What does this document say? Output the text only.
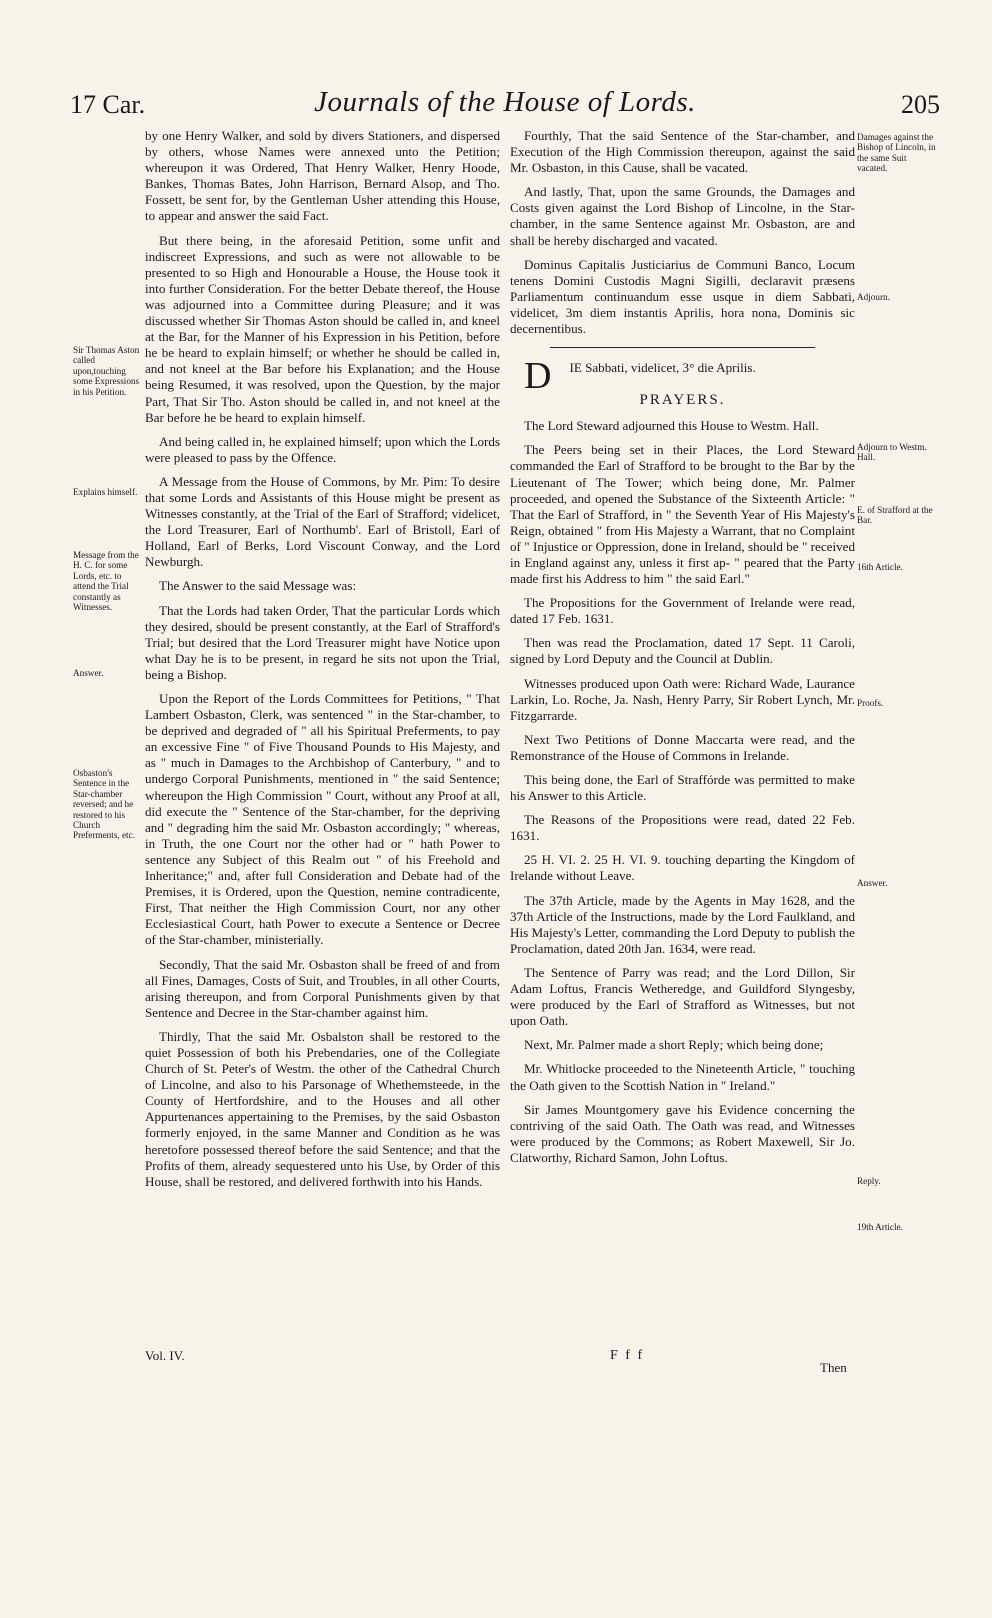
17 Car.	Journals of the House of Lords.	205
Sir Thomas Aston called upon,touching some Expressions in his Petition.
Explains himself.
Message from the H. C. for some Lords, etc. to attend the Trial constantly as Witnesses.
Answer.
Osbaston's Sentence in the Star-chamber reversed; and he restored to his Church Preferments, etc.
Damages against the Bishop of Lincoln, in the same Suit vacated.
Adjourn.
Adjourn to Westm. Hall.
E. of Strafford at the Bar.
16th Article.
Proofs.
Answer.
Reply.
19th Article.

by one Henry Walker, and sold by divers Stationers, and dispersed by others, whose Names were annexed unto the Petition; whereupon it was Ordered, That Henry Walker, Henry Hoode, Bankes, Thomas Bates, John Harrison, Bernard Alsop, and Tho. Fossett, be sent for, by the Gentleman Usher attending this House, to appear and answer the said Fact.

But there being, in the aforesaid Petition, some unfit and indiscreet Expressions, and such as were not allowable to be presented to so High and Honourable a House, the House took it into further Consideration. For the better Debate thereof, the House was adjourned into a Committee during Pleasure; and it was discussed whether Sir Thomas Aston should be called in, and kneel at the Bar, for the Manner of his Expression in his Petition, before he be heard to explain himself; or whether he should be called in, and not kneel at the Bar before his Explanation; and the House being Resumed, it was resolved, upon the Question, by the major Part, That Sir Tho. Aston should be called in, and not kneel at the Bar before he be heard to explain himself.

And being called in, he explained himself; upon which the Lords were pleased to pass by the Offence.

A Message from the House of Commons, by Mr. Pim: To desire that some Lords and Assistants of this House might be present as Witnesses constantly, at the Trial of the Earl of Strafford; videlicet, the Lord Treasurer, Earl of Northumb'. Earl of Bristoll, Earl of Holland, Earl of Berks, Lord Viscount Conway, and the Lord Newburgh.

The Answer to the said Message was:

That the Lords had taken Order, That the particular Lords which they desired, should be present constantly, at the Earl of Strafford's Trial; but desired that the Lord Treasurer might have Notice upon what Day he is to be present, in regard he sits not upon the Trial, being a Bishop.

Upon the Report of the Lords Committees for Petitions, " That Lambert Osbaston, Clerk, was sentenced " in the Star-chamber, to be deprived and degraded of " all his Spiritual Preferments, to pay an excessive Fine " of Five Thousand Pounds to His Majesty, and as " much in Damages to the Archbishop of Canterbury, " and to undergo Corporal Punishments, mentioned in " the said Sentence; whereupon the High Commission " Court, without any Proof at all, did execute the " Sentence of the Star-chamber, for the depriving and " degrading him the said Mr. Osbaston accordingly; " whereas, in Truth, the one Court nor the other had or " hath Power to sentence any Subject of this Realm out " of his Freehold and Inheritance;" and, after full Consideration and Debate had of the Premises, it is Ordered, upon the Question, nemine contradicente, First, That neither the High Commission Court, nor any other Ecclesiastical Court, hath Power to execute a Sentence or Decree of the Star-chamber, ministerially.

Secondly, That the said Mr. Osbaston shall be freed of and from all Fines, Damages, Costs of Suit, and Troubles, in all other Courts, arising thereupon, and from Corporal Punishments given by that Sentence and Decree in the Star-chamber against him.

Thirdly, That the said Mr. Osbalston shall be restored to the quiet Possession of both his Prebendaries, one of the Collegiate Church of St. Peter's of Westm. the other of the Cathedral Church of Lincolne, and also to his Parsonage of Whethemsteede, in the County of Hertfordshire, and to the Houses and all other Appurtenances appertaining to the Premises, by the said Osbaston formerly enjoyed, in the same Manner and Condition as he was heretofore possessed thereof before the said Sentence; and that the Profits of them, already sequestered unto his Use, by Order of this House, shall be restored, and delivered forthwith into his Hands.

Fourthly, That the said Sentence of the Star-chamber, and Execution of the High Commission thereupon, against the said Mr. Osbaston, in this Cause, shall be vacated.

And lastly, That, upon the same Grounds, the Damages and Costs given against the Lord Bishop of Lincolne, in the Star-chamber, in the same Sentence against Mr. Osbaston, are and shall be hereby discharged and vacated.

Dominus Capitalis Justiciarius de Communi Banco, Locum tenens Domini Custodis Magni Sigilli, declaravit præsens Parliamentum continuandum esse usque in diem Sabbati, videlicet, 3m diem instantis Aprilis, hora nona, Dominis sic decernentibus.

D IE Sabbati, videlicet, 3° die Aprilis.

PRAYERS.

The Lord Steward adjourned this House to Westm. Hall.

The Peers being set in their Places, the Lord Steward commanded the Earl of Strafford to be brought to the Bar by the Lieutenant of The Tower; which being done, Mr. Palmer proceeded, and opened the Substance of the Sixteenth Article: " That the Earl of Strafford, in " the Seventh Year of His Majesty's Reign, obtained " from His Majesty a Warrant, that no Complaint of " Injustice or Oppression, done in Ireland, should be " received in England against any, unless it first ap- " peared that the Party made first his Address to him " the said Earl."

The Propositions for the Government of Irelande were read, dated 17 Feb. 1631.

Then was read the Proclamation, dated 17 Sept. 11 Caroli, signed by Lord Deputy and the Council at Dublin.

Witnesses produced upon Oath were: Richard Wade, Laurance Larkin, Lo. Roche, Ja. Nash, Henry Parry, Sir Robert Lynch, Mr. Fitzgarrarde.

Next Two Petitions of Donne Maccarta were read, and the Remonstrance of the House of Commons in Irelande.

This being done, the Earl of Straffórde was permitted to make his Answer to this Article.

The Reasons of the Propositions were read, dated 22 Feb. 1631.

25 H. VI. 2. 25 H. VI. 9. touching departing the Kingdom of Irelande without Leave.

The 37th Article, made by the Agents in May 1628, and the 37th Article of the Instructions, made by the Lord Faulkland, and His Majesty's Letter, commanding the Lord Deputy to publish the Proclamation, dated 20th Jan. 1634, were read.

The Sentence of Parry was read; and the Lord Dillon, Sir Adam Loftus, Francis Wetheredge, and Guildford Slyngesby, were produced by the Earl of Strafford as Witnesses, but not upon Oath.

Next, Mr. Palmer made a short Reply; which being done;

Mr. Whitlocke proceeded to the Nineteenth Article, " touching the Oath given to the Scottish Nation in " Ireland."

Sir James Mountgomery gave his Evidence concerning the contriving of the said Oath. The Oath was read, and Witnesses were produced by the Commons; as Robert Maxewell, Sir Jo. Clatworthy, Richard Samon, John Loftus.

Vol. IV.	F f f
Then
